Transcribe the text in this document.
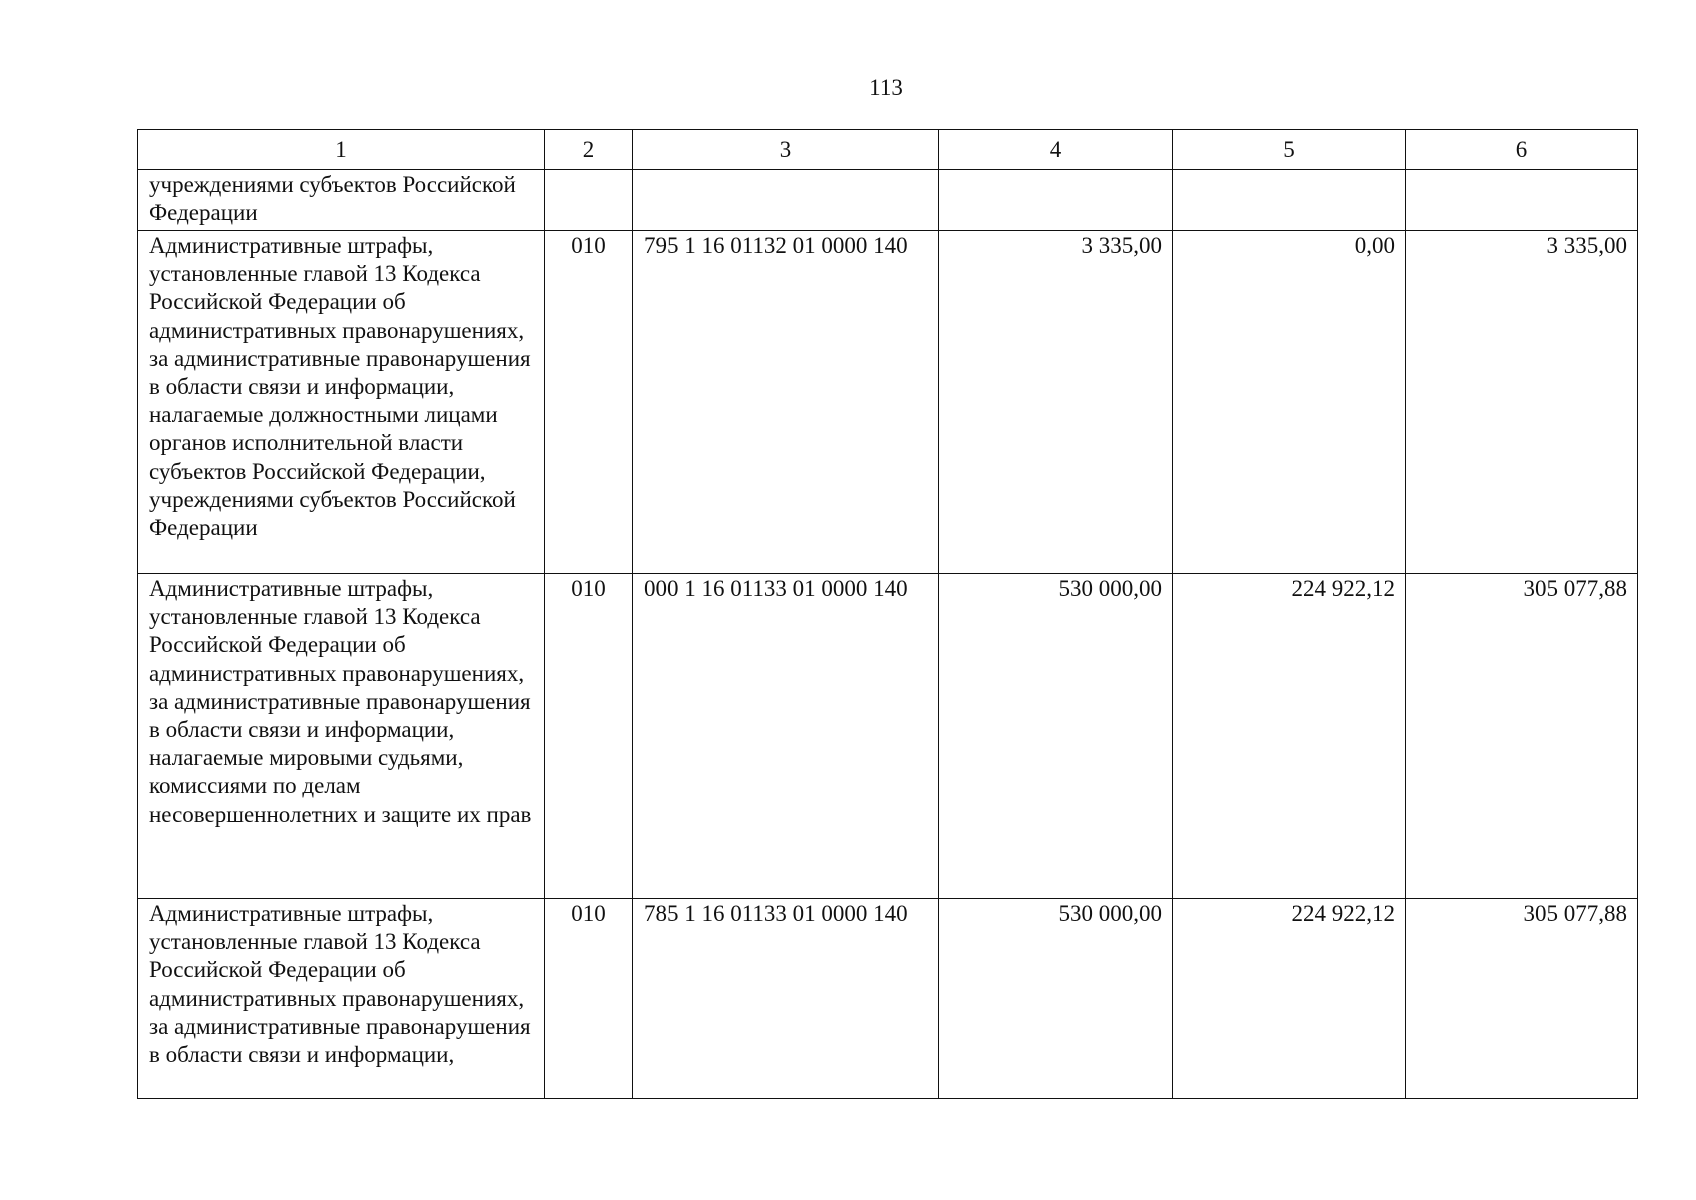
113
1	2	3	4	5	6
учреждениями субъектов Российской Федерации					
Административные штрафы, установленные главой 13 Кодекса Российской Федерации об административных правонарушениях, за административные правонарушения в области связи и информации, налагаемые должностными лицами органов исполнительной власти субъектов Российской Федерации, учреждениями субъектов Российской Федерации	010	795 1 16 01132 01 0000 140	3 335,00	0,00	3 335,00
Административные штрафы, установленные главой 13 Кодекса Российской Федерации об административных правонарушениях, за административные правонарушения в области связи и информации, налагаемые мировыми судьями, комиссиями по делам несовершеннолетних и защите их прав	010	000 1 16 01133 01 0000 140	530 000,00	224 922,12	305 077,88
Административные штрафы, установленные главой 13 Кодекса Российской Федерации об административных правонарушениях, за административные правонарушения в области связи и информации,	010	785 1 16 01133 01 0000 140	530 000,00	224 922,12	305 077,88
